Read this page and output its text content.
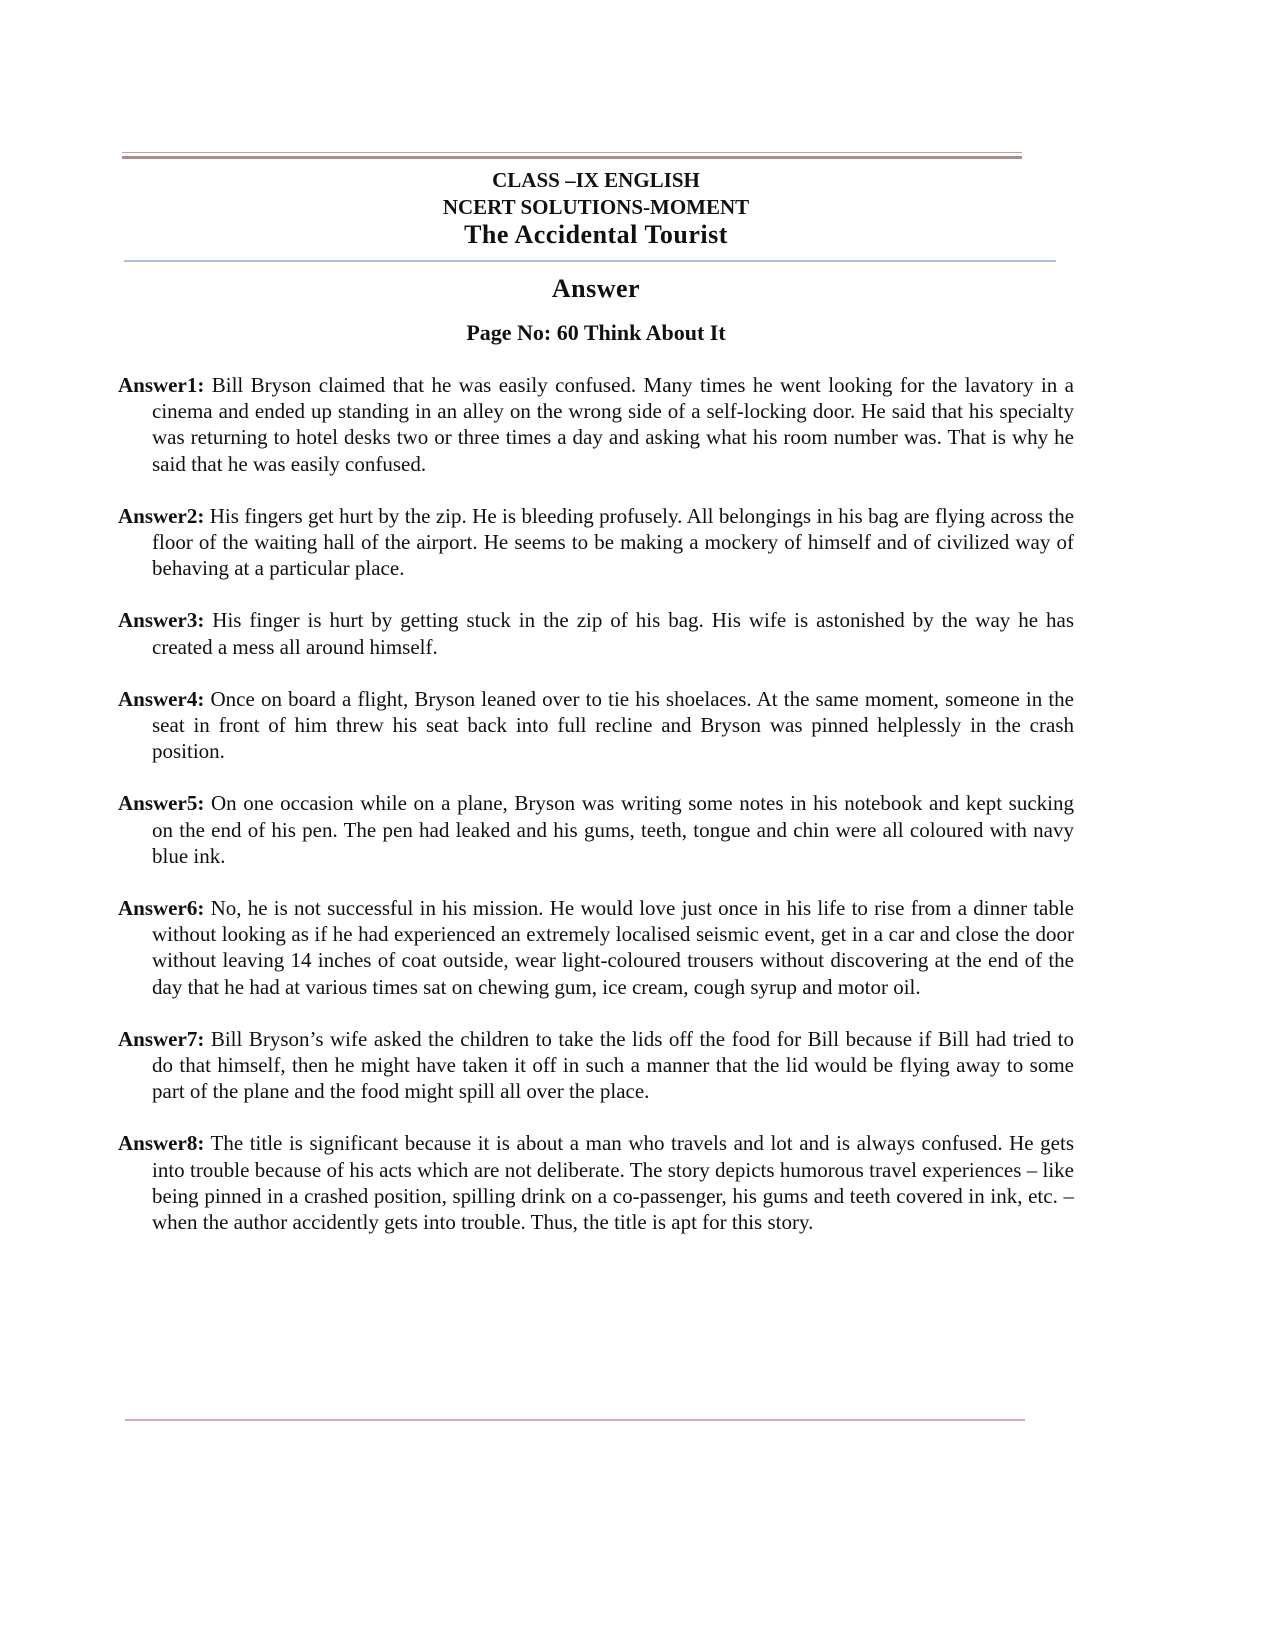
CLASS –IX ENGLISH
NCERT SOLUTIONS-MOMENT
The Accidental Tourist
Answer
Page No: 60 Think About It

Answer1: Bill Bryson claimed that he was easily confused. Many times he went looking for the lavatory in a cinema and ended up standing in an alley on the wrong side of a self-locking door. He said that his specialty was returning to hotel desks two or three times a day and asking what his room number was. That is why he said that he was easily confused.

Answer2: His fingers get hurt by the zip. He is bleeding profusely. All belongings in his bag are flying across the floor of the waiting hall of the airport. He seems to be making a mockery of himself and of civilized way of behaving at a particular place.

Answer3: His finger is hurt by getting stuck in the zip of his bag. His wife is astonished by the way he has created a mess all around himself.

Answer4: Once on board a flight, Bryson leaned over to tie his shoelaces. At the same moment, someone in the seat in front of him threw his seat back into full recline and Bryson was pinned helplessly in the crash position.

Answer5: On one occasion while on a plane, Bryson was writing some notes in his notebook and kept sucking on the end of his pen. The pen had leaked and his gums, teeth, tongue and chin were all coloured with navy blue ink.

Answer6: No, he is not successful in his mission. He would love just once in his life to rise from a dinner table without looking as if he had experienced an extremely localised seismic event, get in a car and close the door without leaving 14 inches of coat outside, wear light-coloured trousers without discovering at the end of the day that he had at various times sat on chewing gum, ice cream, cough syrup and motor oil.

Answer7: Bill Bryson’s wife asked the children to take the lids off the food for Bill because if Bill had tried to do that himself, then he might have taken it off in such a manner that the lid would be flying away to some part of the plane and the food might spill all over the place.

Answer8: The title is significant because it is about a man who travels and lot and is always confused. He gets into trouble because of his acts which are not deliberate. The story depicts humorous travel experiences – like being pinned in a crashed position, spilling drink on a co-passenger, his gums and teeth covered in ink, etc. – when the author accidently gets into trouble. Thus, the title is apt for this story.
